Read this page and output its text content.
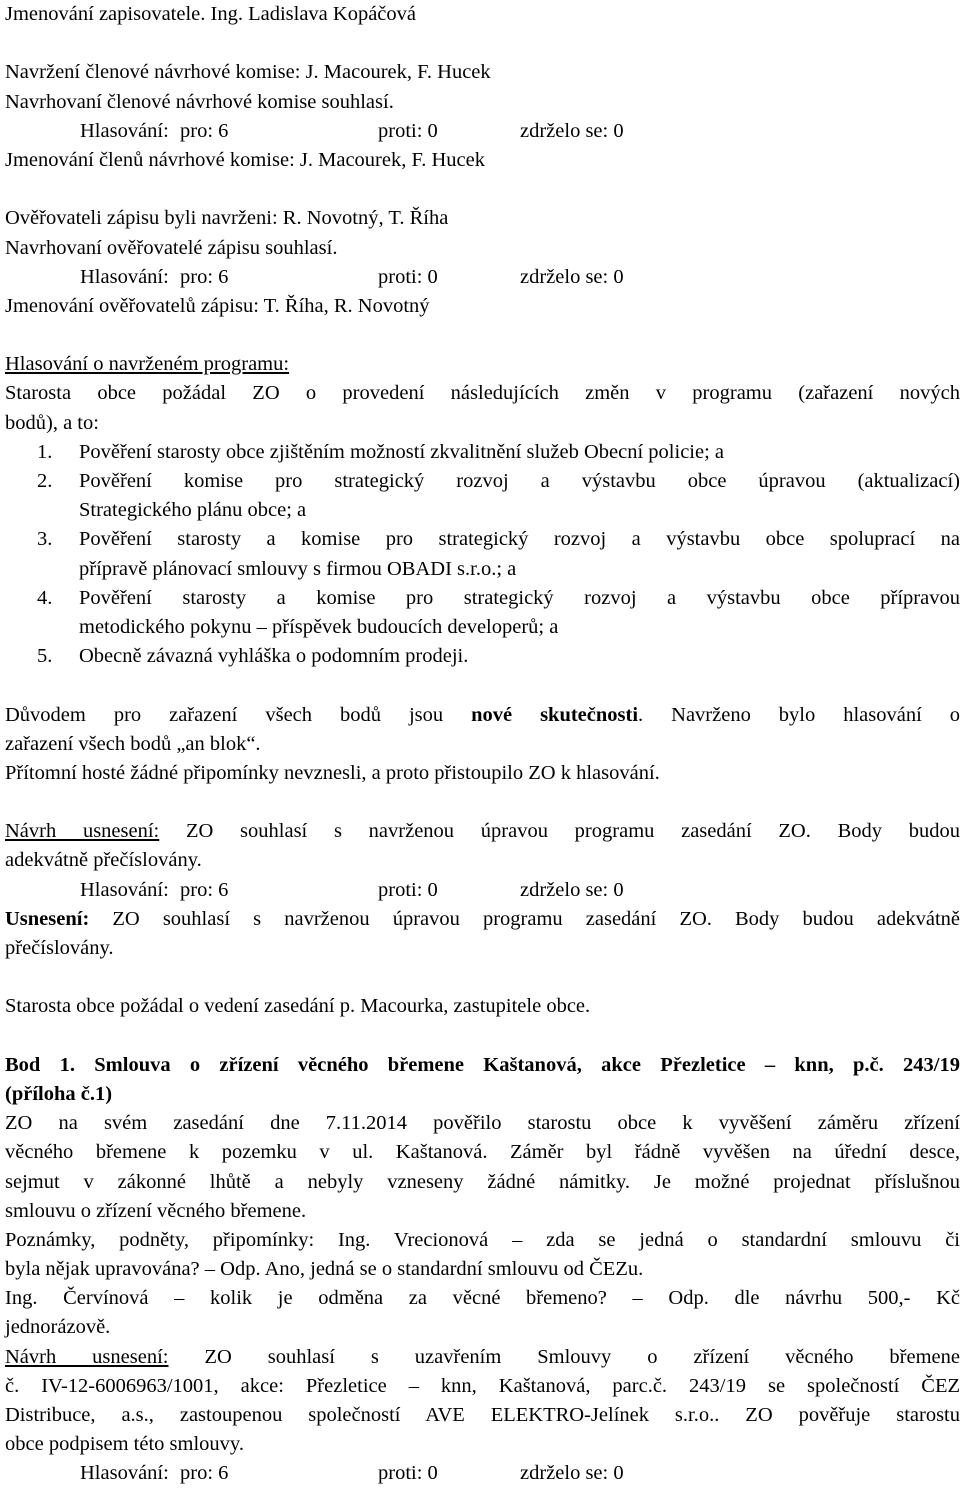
Jmenování zapisovatele. Ing. Ladislava Kopáčová
Navržení členové návrhové komise: J. Macourek, F. Hucek
Navrhovaní členové návrhové komise souhlasí.
Hlasování: pro: 6	proti: 0	zdrželo se: 0
Jmenování členů návrhové komise: J. Macourek, F. Hucek
Ověřovateli zápisu byli navrženi: R. Novotný, T. Říha
Navrhovaní ověřovatelé zápisu souhlasí.
Hlasování: pro: 6	proti: 0	zdrželo se: 0
Jmenování ověřovatelů zápisu: T. Říha, R. Novotný
Hlasování o navrženém programu:
Starosta obce požádal ZO o provedení následujících změn v programu (zařazení nových
bodů), a to:
1. Pověření starosty obce zjištěním možností zkvalitnění služeb Obecní policie; a
2. Pověření komise pro strategický rozvoj a výstavbu obce úpravou (aktualizací)
Strategického plánu obce; a
3. Pověření starosty a komise pro strategický rozvoj a výstavbu obce spoluprací na
přípravě plánovací smlouvy s firmou OBADI s.r.o.; a
4. Pověření starosty a komise pro strategický rozvoj a výstavbu obce přípravou
metodického pokynu – příspěvek budoucích developerů; a
5. Obecně závazná vyhláška o podomním prodeji.
Důvodem pro zařazení všech bodů jsou nové skutečnosti. Navrženo bylo hlasování o
zařazení všech bodů „an blok“.
Přítomní hosté žádné připomínky nevznesli, a proto přistoupilo ZO k hlasování.
Návrh usnesení: ZO souhlasí s navrženou úpravou programu zasedání ZO. Body budou
adekvátně přečíslovány.
Hlasování: pro: 6	proti: 0	zdrželo se: 0
Usnesení: ZO souhlasí s navrženou úpravou programu zasedání ZO. Body budou adekvátně
přečíslovány.
Starosta obce požádal o vedení zasedání p. Macourka, zastupitele obce.
Bod 1. Smlouva o zřízení věcného břemene Kaštanová, akce Přezletice – knn, p.č. 243/19
(příloha č.1)
ZO na svém zasedání dne 7.11.2014 pověřilo starostu obce k vyvěšení záměru zřízení
věcného břemene k pozemku v ul. Kaštanová. Záměr byl řádně vyvěšen na úřední desce,
sejmut v zákonné lhůtě a nebyly vzneseny žádné námitky. Je možné projednat příslušnou
smlouvu o zřízení věcného břemene.
Poznámky, podněty, připomínky: Ing. Vrecionová – zda se jedná o standardní smlouvu či
byla nějak upravována? – Odp. Ano, jedná se o standardní smlouvu od ČEZu.
Ing. Červínová – kolik je odměna za věcné břemeno? – Odp. dle návrhu 500,- Kč
jednorázově.
Návrh usnesení: ZO souhlasí s uzavřením Smlouvy o zřízení věcného břemene
č. IV-12-6006963/1001, akce: Přezletice – knn, Kaštanová, parc.č. 243/19 se společností ČEZ
Distribuce, a.s., zastoupenou společností AVE ELEKTRO-Jelínek s.r.o.. ZO pověřuje starostu
obce podpisem této smlouvy.
Hlasování: pro: 6	proti: 0	zdrželo se: 0
